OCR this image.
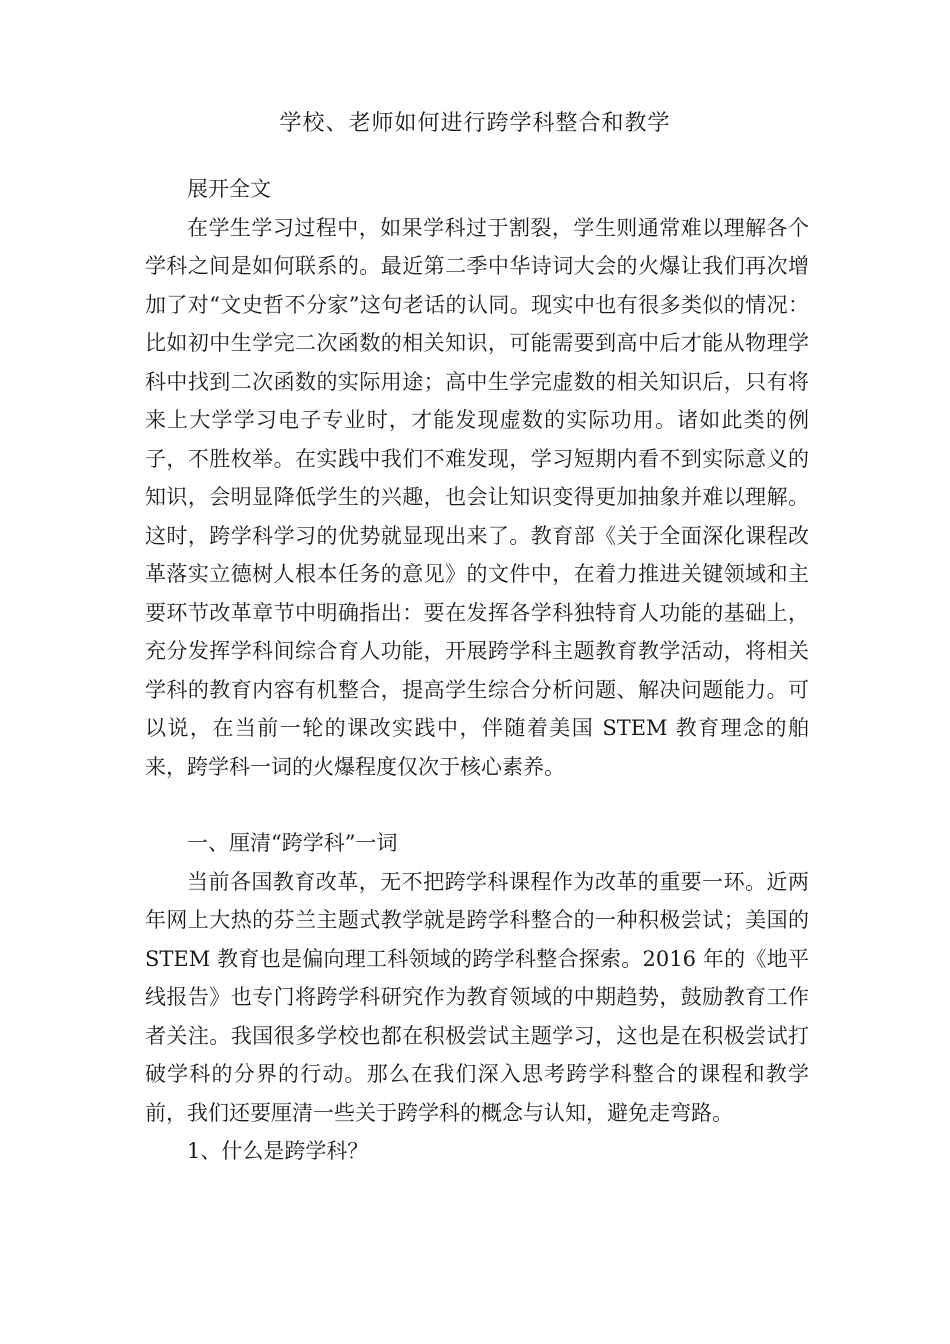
学校、老师如何进行跨学科整合和教学

展开全文

在学生学习过程中，如果学科过于割裂，学生则通常难以理解各个学科之间是如何联系的。最近第二季中华诗词大会的火爆让我们再次增加了对“文史哲不分家”这句老话的认同。现实中也有很多类似的情况：比如初中生学完二次函数的相关知识，可能需要到高中后才能从物理学科中找到二次函数的实际用途；高中生学完虚数的相关知识后，只有将来上大学学习电子专业时，才能发现虚数的实际功用。诸如此类的例子，不胜枚举。在实践中我们不难发现，学习短期内看不到实际意义的知识，会明显降低学生的兴趣，也会让知识变得更加抽象并难以理解。这时，跨学科学习的优势就显现出来了。教育部《关于全面深化课程改革落实立德树人根本任务的意见》的文件中，在着力推进关键领域和主要环节改革章节中明确指出：要在发挥各学科独特育人功能的基础上，充分发挥学科间综合育人功能，开展跨学科主题教育教学活动，将相关学科的教育内容有机整合，提高学生综合分析问题、解决问题能力。可以说，在当前一轮的课改实践中，伴随着美国 STEM 教育理念的舶来，跨学科一词的火爆程度仅次于核心素养。

一、厘清“跨学科”一词

当前各国教育改革，无不把跨学科课程作为改革的重要一环。近两年网上大热的芬兰主题式教学就是跨学科整合的一种积极尝试；美国的 STEM 教育也是偏向理工科领域的跨学科整合探索。2016 年的《地平线报告》也专门将跨学科研究作为教育领域的中期趋势，鼓励教育工作者关注。我国很多学校也都在积极尝试主题学习，这也是在积极尝试打破学科的分界的行动。那么在我们深入思考跨学科整合的课程和教学前，我们还要厘清一些关于跨学科的概念与认知，避免走弯路。

1、什么是跨学科？
